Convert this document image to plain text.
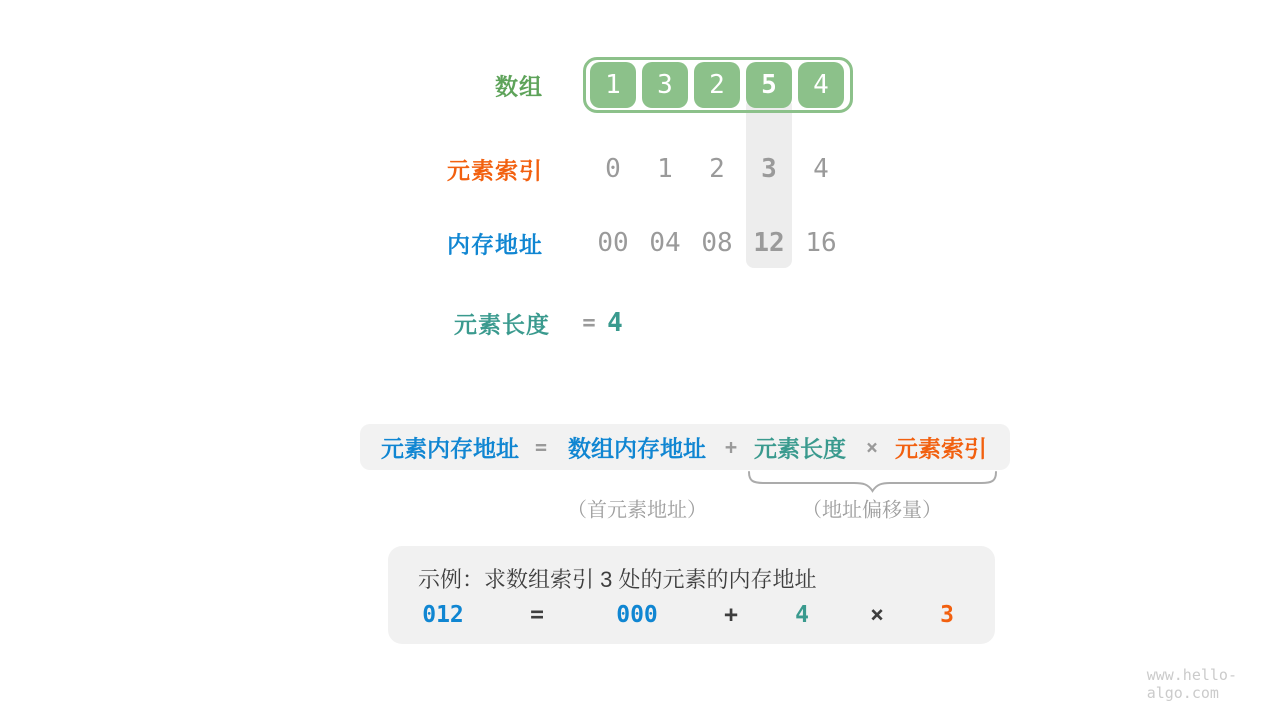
数组 1 3 2 5 4
元素索引 0 1 2 3 4
内存地址 00 04 08 12 16
元素长度 = 4
元素内存地址 = 数组内存地址 + 元素长度 × 元素索引
（首元素地址）	（地址偏移量）
示例：求数组索引 3 处的元素的内存地址
012	=	000	+ 4	× 3
www.hello-algo.com
